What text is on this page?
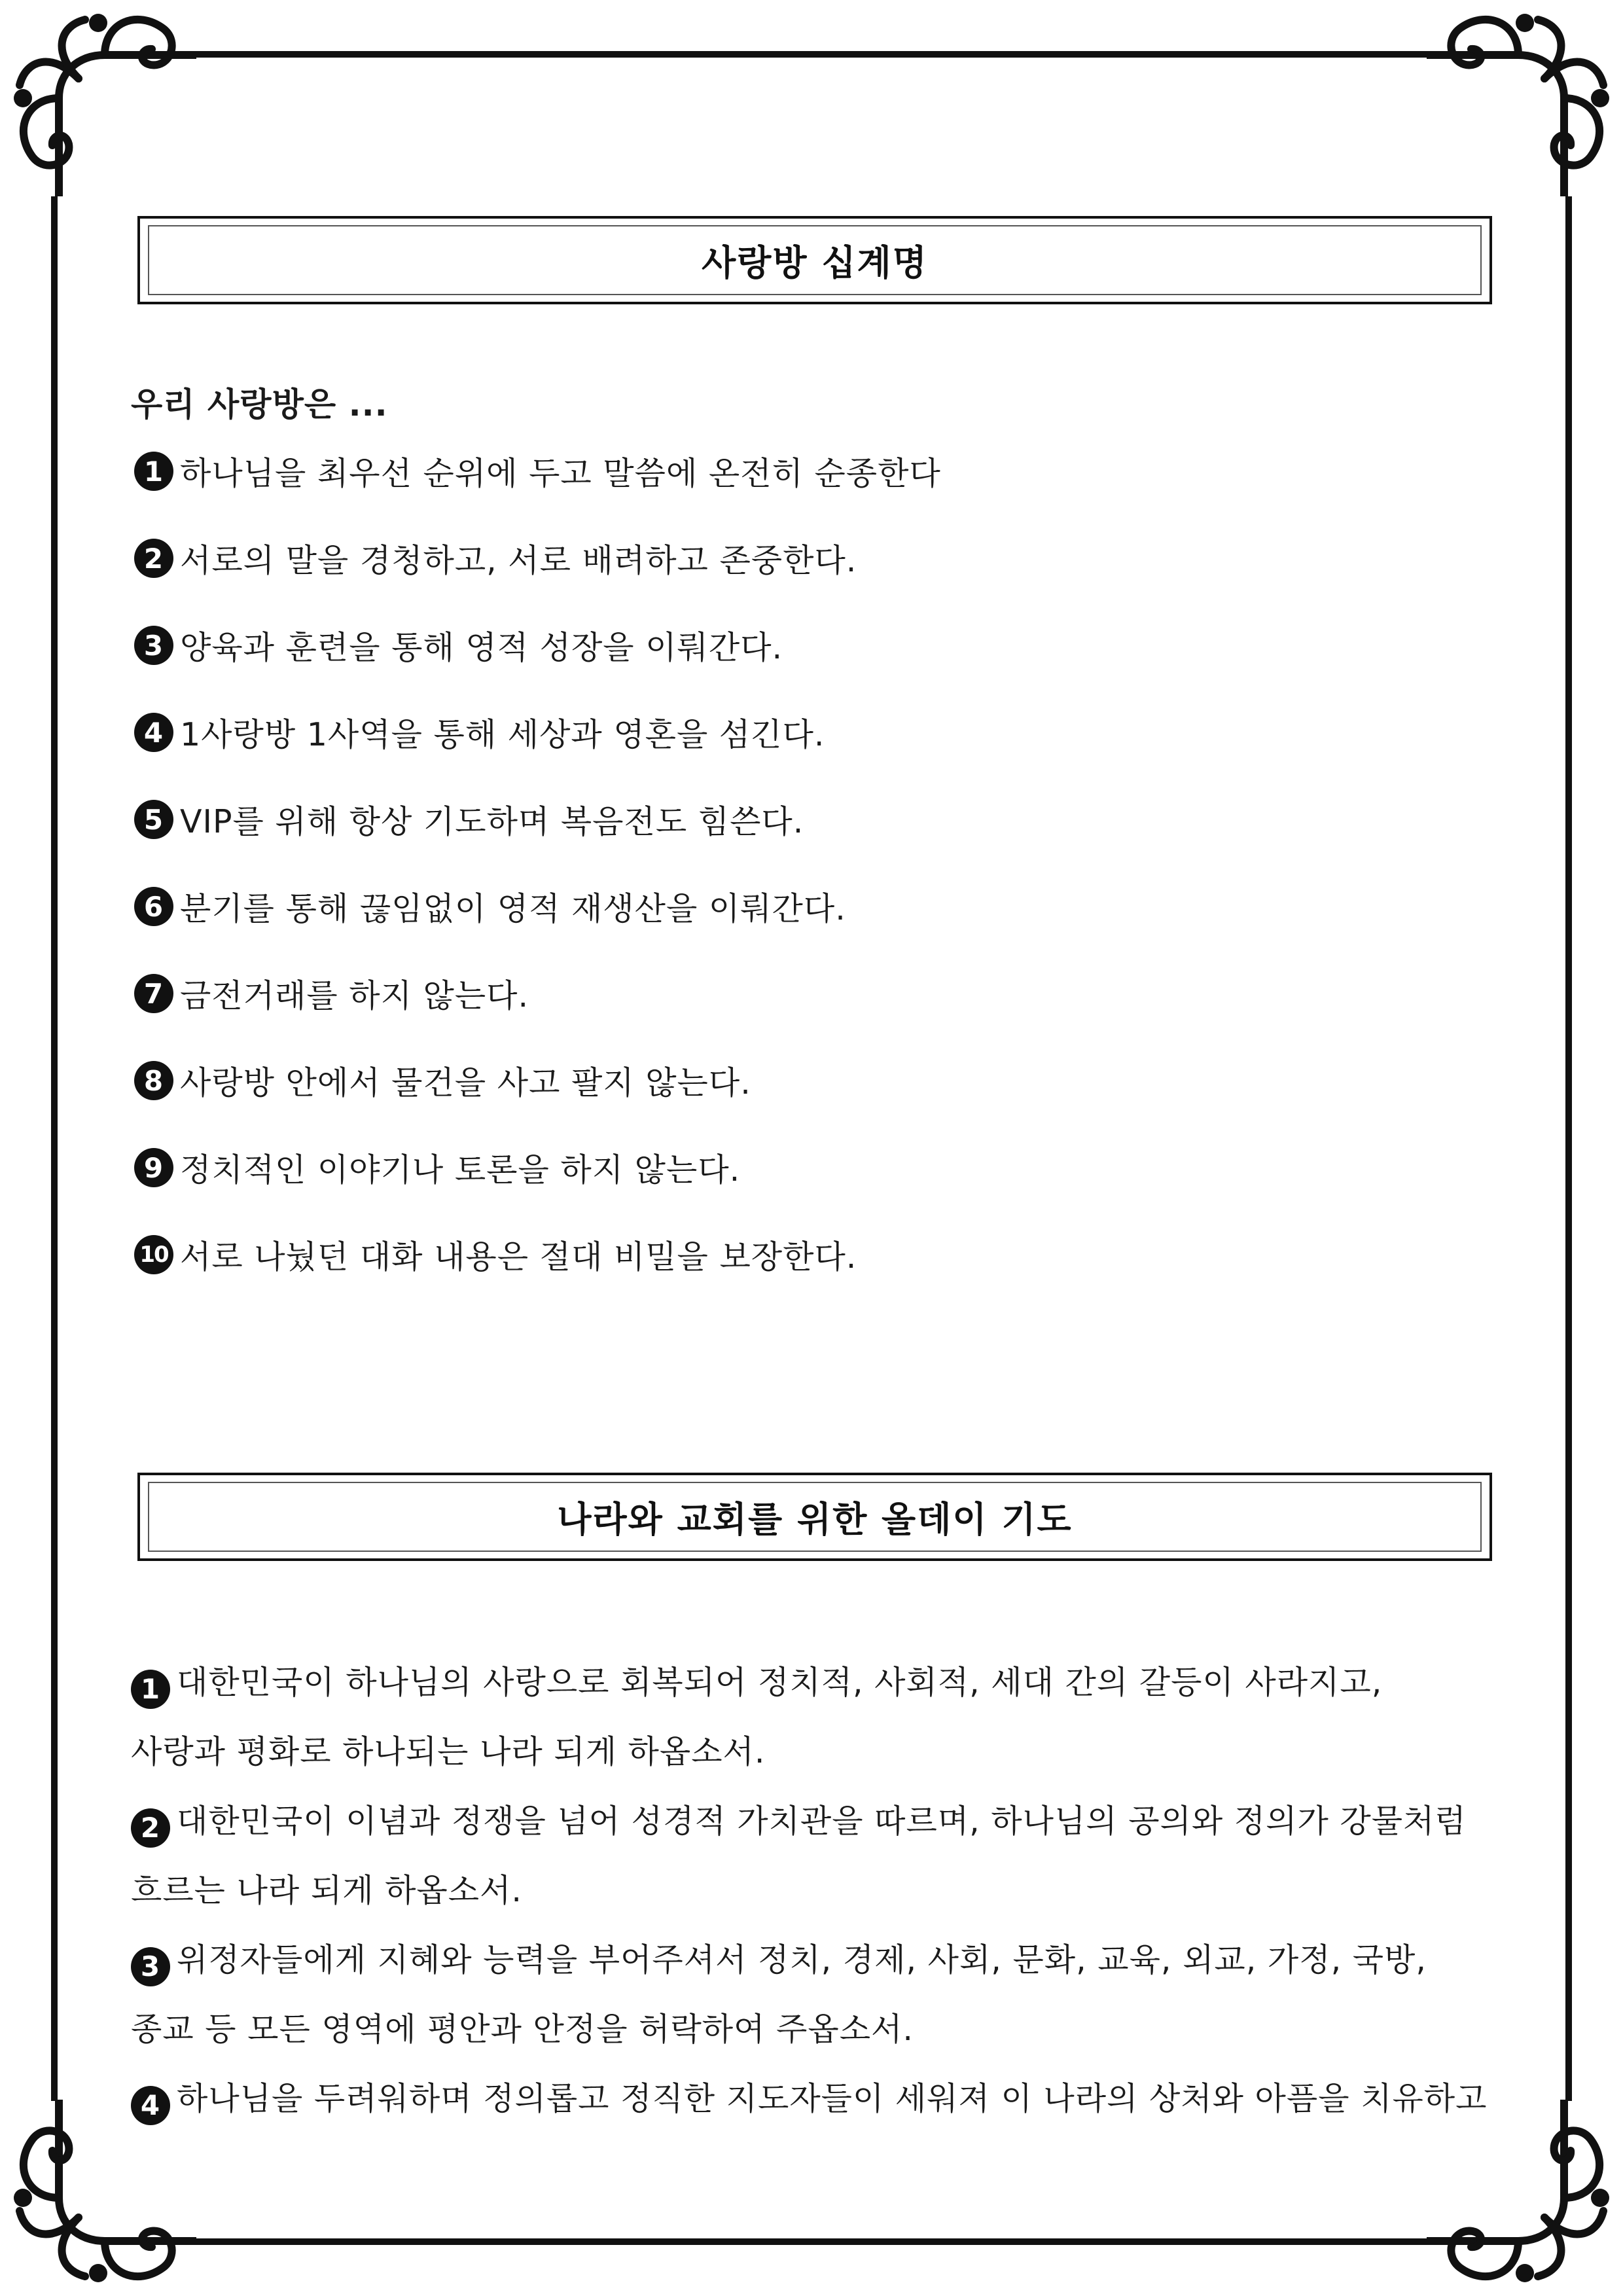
사랑방 십계명
우리 사랑방은 ...
1 하나님을 최우선 순위에 두고 말씀에 온전히 순종한다
2 서로의 말을 경청하고, 서로 배려하고 존중한다.
3 양육과 훈련을 통해 영적 성장을 이뤄간다.
4 1사랑방 1사역을 통해 세상과 영혼을 섬긴다.
5 VIP를 위해 항상 기도하며 복음전도 힘쓴다.
6 분기를 통해 끊임없이 영적 재생산을 이뤄간다.
7 금전거래를 하지 않는다.
8 사랑방 안에서 물건을 사고 팔지 않는다.
9 정치적인 이야기나 토론을 하지 않는다.
10 서로 나눴던 대화 내용은 절대 비밀을 보장한다.
나라와 교회를 위한 올데이 기도
1 대한민국이 하나님의 사랑으로 회복되어 정치적, 사회적, 세대 간의 갈등이 사라지고,
사랑과 평화로 하나되는 나라 되게 하옵소서.
2 대한민국이 이념과 정쟁을 넘어 성경적 가치관을 따르며, 하나님의 공의와 정의가 강물처럼
흐르는 나라 되게 하옵소서.
3 위정자들에게 지혜와 능력을 부어주셔서 정치, 경제, 사회, 문화, 교육, 외교, 가정, 국방,
종교 등 모든 영역에 평안과 안정을 허락하여 주옵소서.
4 하나님을 두려워하며 정의롭고 정직한 지도자들이 세워져 이 나라의 상처와 아픔을 치유하고
